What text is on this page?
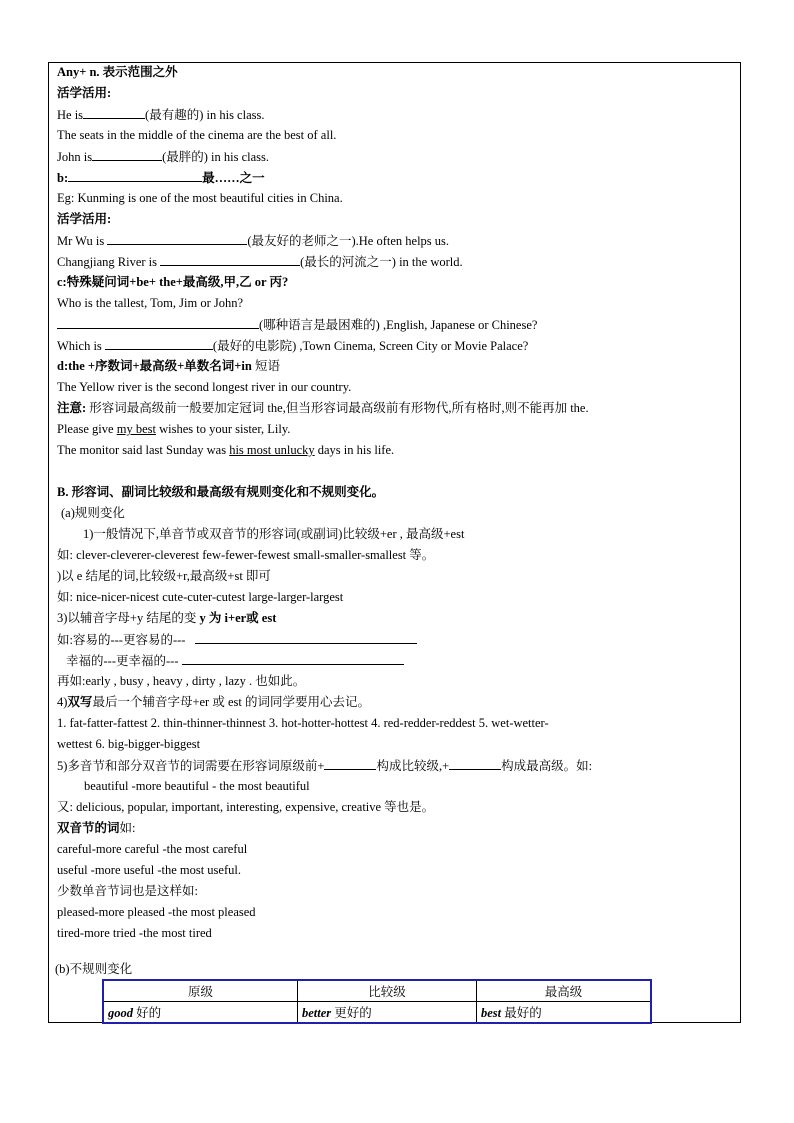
Any+ n. 表示范围之外
活学活用:
He is	(最有趣的) in his class.
The seats in the middle of the cinema are the best of all.
John is	(最胖的) in his class.
b:	最……之一
Eg: Kunming is one of the most beautiful cities in China.
活学活用:
Mr Wu is	(最友好的老师之一).He often helps us.
Changjiang River is	(最长的河流之一) in the world.
c:特殊疑问词+be+ the+最高级,甲,乙 or 丙?
Who is the tallest, Tom, Jim or John?
(哪种语言是最困难的) ,English, Japanese or Chinese?
Which is	(最好的电影院) ,Town Cinema, Screen City or Movie Palace?
d:the +序数词+最高级+单数名词+in 短语
The Yellow river is the second longest river in our country.
注意: 形容词最高级前一般要加定冠词 the,但当形容词最高级前有形物代,所有格时,则不能再加 the.
Please give my best wishes to your sister, Lily.
The monitor said last Sunday was his most unlucky days in his life.
B. 形容词、副词比较级和最高级有规则变化和不规则变化。
(a)规则变化
1)一般情况下,单音节或双音节的形容词(或副词)比较级+er , 最高级+est
如: clever-cleverer-cleverest few-fewer-fewest small-smaller-smallest 等。
)以 e 结尾的词,比较级+r,最高级+st 即可
如: nice-nicer-nicest cute-cuter-cutest large-larger-largest
3)以辅音字母+y 结尾的变 y 为 i+er或 est
如:容易的---更容易的---
幸福的---更幸福的---
再如:early , busy , heavy , dirty , lazy . 也如此。
4)双写最后一个辅音字母+er 或 est 的词同学要用心去记。
1. fat-fatter-fattest 2. thin-thinner-thinnest 3. hot-hotter-hottest 4. red-redder-reddest 5. wet-wetter-
wettest 6. big-bigger-biggest
5)多音节和部分双音节的词需要在形容词原级前+	构成比较级,+	构成最高级。如:
beautiful -more beautiful - the most beautiful
又: delicious, popular, important, interesting, expensive, creative 等也是。
双音节的词如:
careful-more careful -the most careful
useful -more useful -the most useful.
少数单音节词也是这样如:
pleased-more pleased -the most pleased
tired-more tried -the most tired
(b)不规则变化
原级	比较级	最高级
good 好的	better 更好的	best 最好的
